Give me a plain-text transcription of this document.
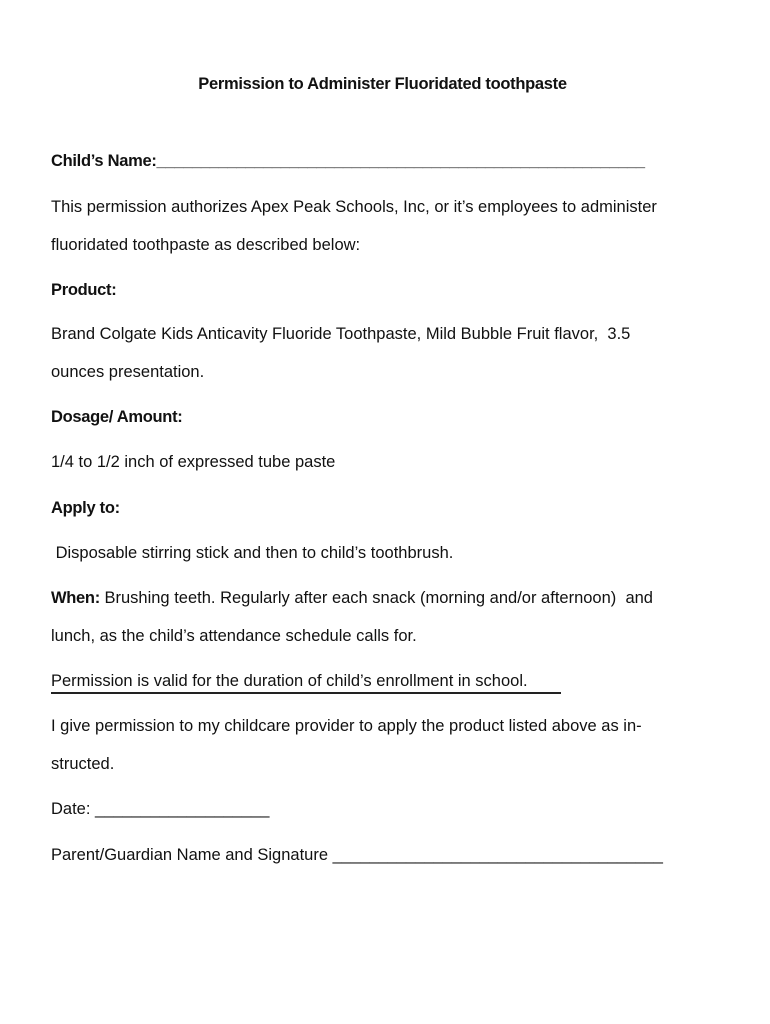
Permission to Administer Fluoridated toothpaste
Child’s Name:_______________________________________________________
This permission authorizes Apex Peak Schools, Inc, or it’s employees to administer
fluoridated toothpaste as described below:
Product:
Brand Colgate Kids Anticavity Fluoride Toothpaste, Mild Bubble Fruit flavor,  3.5
ounces presentation.
Dosage/ Amount:
1/4 to 1/2 inch of expressed tube paste
Apply to:
Disposable stirring stick and then to child’s toothbrush.
When: Brushing teeth. Regularly after each snack (morning and/or afternoon)  and
lunch, as the child’s attendance schedule calls for.
Permission is valid for the duration of child’s enrollment in school.
I give permission to my childcare provider to apply the product listed above as in-
structed.
Date: ___________________
Parent/Guardian Name and Signature ____________________________________
